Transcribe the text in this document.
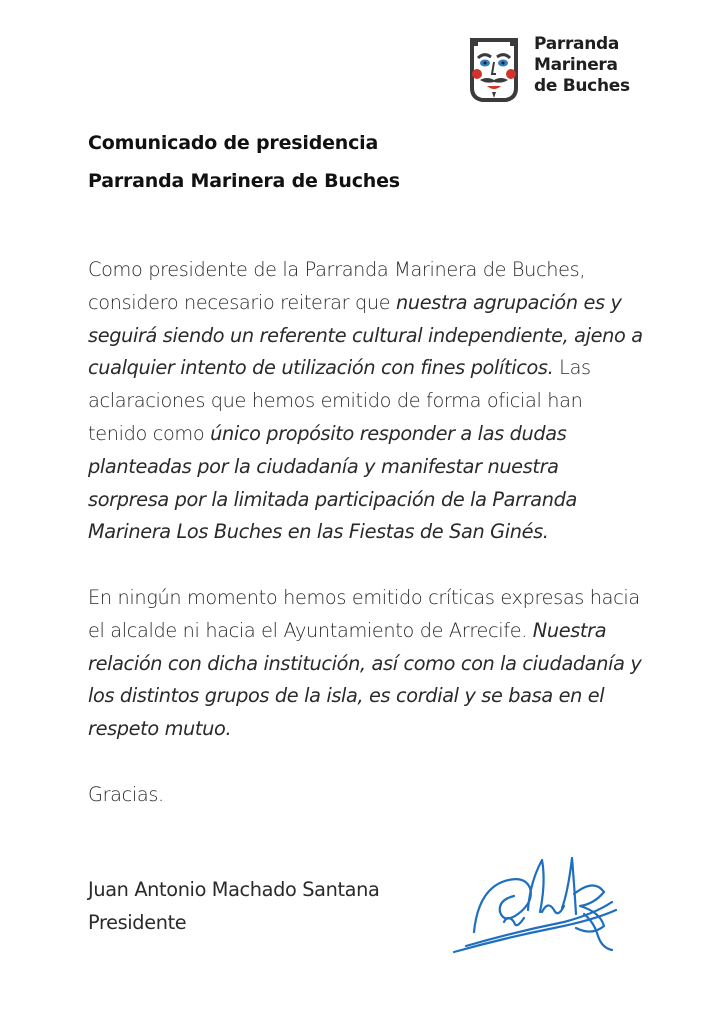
Parranda
Marinera
de Buches
Comunicado de presidencia
Parranda Marinera de Buches

Como presidente de la Parranda Marinera de Buches, considero necesario reiterar que nuestra agrupación es y seguirá siendo un referente cultural independiente, ajeno a cualquier intento de utilización con fines políticos. Las aclaraciones que hemos emitido de forma oficial han tenido como único propósito responder a las dudas planteadas por la ciudadanía y manifestar nuestra sorpresa por la limitada participación de la Parranda Marinera Los Buches en las Fiestas de San Ginés.

En ningún momento hemos emitido críticas expresas hacia el alcalde ni hacia el Ayuntamiento de Arrecife. Nuestra relación con dicha institución, así como con la ciudadanía y los distintos grupos de la isla, es cordial y se basa en el respeto mutuo.

Gracias.

Juan Antonio Machado Santana
Presidente
